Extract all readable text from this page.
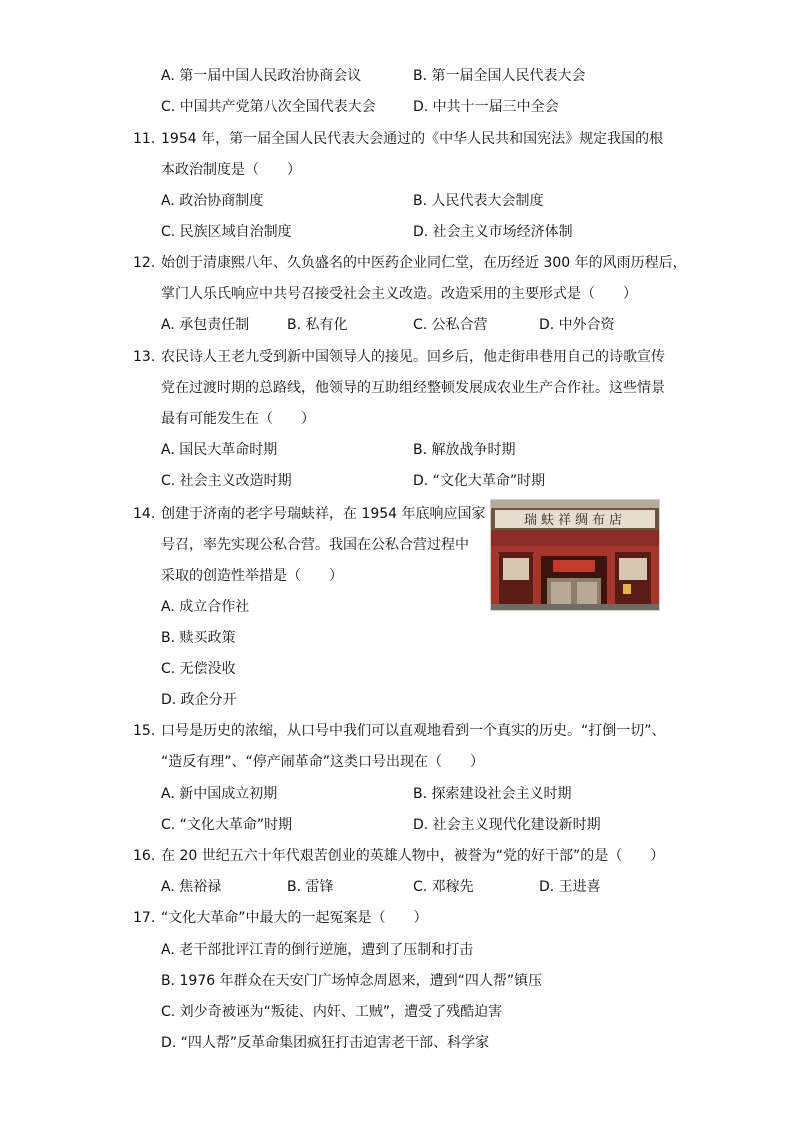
A. 第一届中国人民政治协商会议	B. 第一届全国人民代表大会
C. 中国共产党第八次全国代表大会	D. 中共十一届三中全会
11. 1954 年，第一届全国人民代表大会通过的《中华人民共和国宪法》规定我国的根
本政治制度是（　　）
A. 政治协商制度	B. 人民代表大会制度
C. 民族区域自治制度	D. 社会主义市场经济体制
12. 始创于清康熙八年、久负盛名的中医药企业同仁堂，在历经近 300 年的风雨历程后，
掌门人乐氏响应中共号召接受社会主义改造。改造采用的主要形式是（　　）
A. 承包责任制	B. 私有化	C. 公私合营	D. 中外合资
13. 农民诗人王老九受到新中国领导人的接见。回乡后，他走街串巷用自己的诗歌宣传
党在过渡时期的总路线，他领导的互助组经整顿发展成农业生产合作社。这些情景
最有可能发生在（　　）
A. 国民大革命时期	B. 解放战争时期
C. 社会主义改造时期	D. “文化大革命”时期
14. 创建于济南的老字号瑞蚨祥，在 1954 年底响应国家
号召，率先实现公私合营。我国在公私合营过程中
采取的创造性举措是（　　）
A. 成立合作社
B. 赎买政策
C. 无偿没收
D. 政企分开
瑞蚨祥绸布店
15. 口号是历史的浓缩，从口号中我们可以直观地看到一个真实的历史。“打倒一切”、
“造反有理”、“停产闹革命”这类口号出现在（　　）
A. 新中国成立初期	B. 探索建设社会主义时期
C. “文化大革命”时期	D. 社会主义现代化建设新时期
16. 在 20 世纪五六十年代艰苦创业的英雄人物中，被誉为“党的好干部”的是（　　）
A. 焦裕禄	B. 雷锋	C. 邓稼先	D. 王进喜
17. “文化大革命”中最大的一起冤案是（　　）
A. 老干部批评江青的倒行逆施，遭到了压制和打击
B. 1976 年群众在天安门广场悼念周恩来，遭到“四人帮”镇压
C. 刘少奇被诬为“叛徒、内奸、工贼”，遭受了残酷迫害
D. “四人帮”反革命集团疯狂打击迫害老干部、科学家
